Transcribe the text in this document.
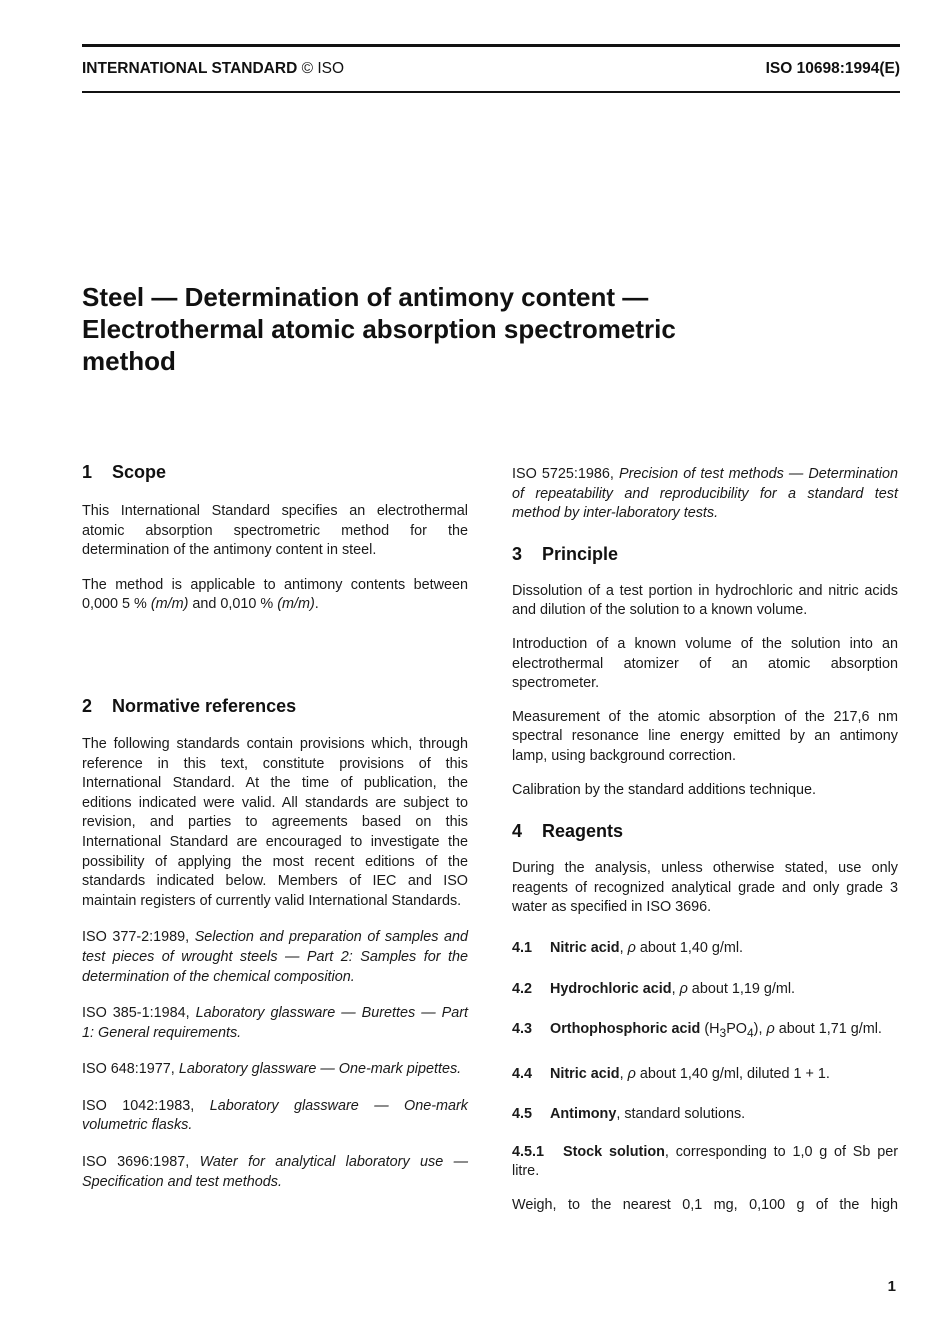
INTERNATIONAL STANDARD © ISO	ISO 10698:1994(E)
Steel — Determination of antimony content —
Electrothermal atomic absorption spectrometric
method
1 Scope

This International Standard specifies an electrothermal atomic absorption spectrometric method for the determination of the antimony content in steel.

The method is applicable to antimony contents between 0,000 5 % (m/m) and 0,010 % (m/m).

2 Normative references

The following standards contain provisions which, through reference in this text, constitute provisions of this International Standard. At the time of publication, the editions indicated were valid. All standards are subject to revision, and parties to agreements based on this International Standard are encouraged to investigate the possibility of applying the most recent editions of the standards indicated below. Members of IEC and ISO maintain registers of currently valid International Standards.

ISO 377-2:1989, Selection and preparation of samples and test pieces of wrought steels — Part 2: Samples for the determination of the chemical composition.

ISO 385-1:1984, Laboratory glassware — Burettes — Part 1: General requirements.

ISO 648:1977, Laboratory glassware — One-mark pipettes.

ISO 1042:1983, Laboratory glassware — One-mark volumetric flasks.

ISO 3696:1987, Water for analytical laboratory use — Specification and test methods.

ISO 5725:1986, Precision of test methods — Determination of repeatability and reproducibility for a standard test method by inter-laboratory tests.

3 Principle

Dissolution of a test portion in hydrochloric and nitric acids and dilution of the solution to a known volume.

Introduction of a known volume of the solution into an electrothermal atomizer of an atomic absorption spectrometer.

Measurement of the atomic absorption of the 217,6 nm spectral resonance line energy emitted by an antimony lamp, using background correction.

Calibration by the standard additions technique.

4 Reagents

During the analysis, unless otherwise stated, use only reagents of recognized analytical grade and only grade 3 water as specified in ISO 3696.

4.1 Nitric acid, ρ about 1,40 g/ml.

4.2 Hydrochloric acid, ρ about 1,19 g/ml.

4.3 Orthophosphoric acid $(H_3PO_4)$, ρ about 1,71 g/ml.

4.4 Nitric acid, ρ about 1,40 g/ml, diluted 1 + 1.

4.5 Antimony, standard solutions.

4.5.1 Stock solution, corresponding to 1,0 g of Sb per litre.

Weigh, to the nearest 0,1 mg, 0,100 g of the high

1
